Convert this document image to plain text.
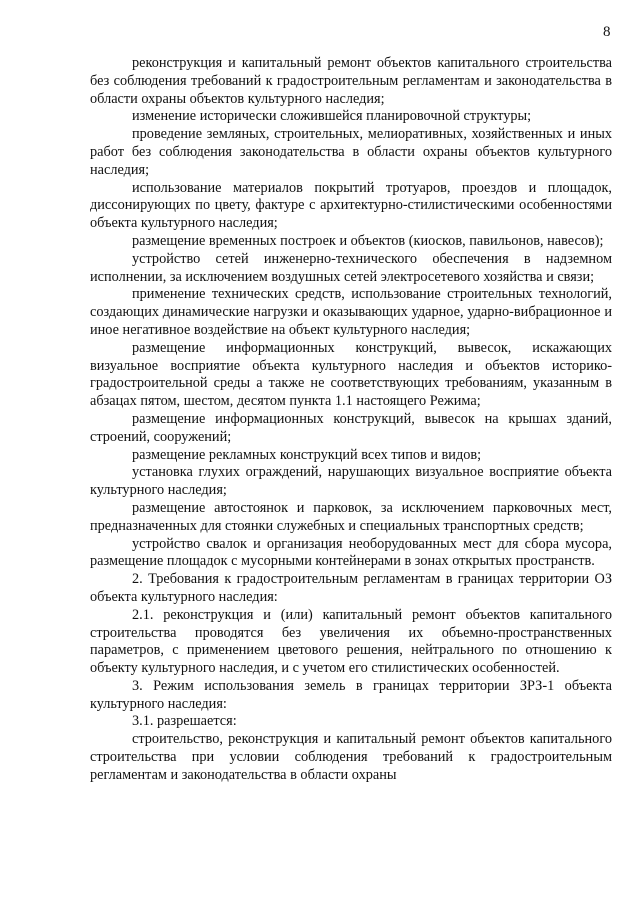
8

реконструкция и капитальный ремонт объектов капитального строительства без соблюдения требований к градостроительным регламентам и законодательства в области охраны объектов культурного наследия;

изменение исторически сложившейся планировочной структуры;

проведение земляных, строительных, мелиоративных, хозяйственных и иных работ без соблюдения законодательства в области охраны объектов культурного наследия;

использование материалов покрытий тротуаров, проездов и площадок, диссонирующих по цвету, фактуре с архитектурно-стилистическими особенностями объекта культурного наследия;

размещение временных построек и объектов (киосков, павильонов, навесов);

устройство сетей инженерно-технического обеспечения в надземном исполнении, за исключением воздушных сетей электросетевого хозяйства и связи;

применение технических средств, использование строительных технологий, создающих динамические нагрузки и оказывающих ударное, ударно-вибрационное и иное негативное воздействие на объект культурного наследия;

размещение информационных конструкций, вывесок, искажающих визуальное восприятие объекта культурного наследия и объектов историко-градостроительной среды а также не соответствующих требованиям, указанным в абзацах пятом, шестом, десятом пункта 1.1 настоящего Режима;

размещение информационных конструкций, вывесок на крышах зданий, строений, сооружений;

размещение рекламных конструкций всех типов и видов;

установка глухих ограждений, нарушающих визуальное восприятие объекта культурного наследия;

размещение автостоянок и парковок, за исключением парковочных мест, предназначенных для стоянки служебных и специальных транспортных средств;

устройство свалок и организация необорудованных мест для сбора мусора, размещение площадок с мусорными контейнерами в зонах открытых пространств.

2. Требования к градостроительным регламентам в границах территории ОЗ объекта культурного наследия:

2.1. реконструкция и (или) капитальный ремонт объектов капитального строительства проводятся без увеличения их объемно-пространственных параметров, с применением цветового решения, нейтрального по отношению к объекту культурного наследия, и с учетом его стилистических особенностей.

3. Режим использования земель в границах территории ЗРЗ-1 объекта культурного наследия:

3.1. разрешается:

строительство, реконструкция и капитальный ремонт объектов капитального строительства при условии соблюдения требований к градостроительным регламентам и законодательства в области охраны
